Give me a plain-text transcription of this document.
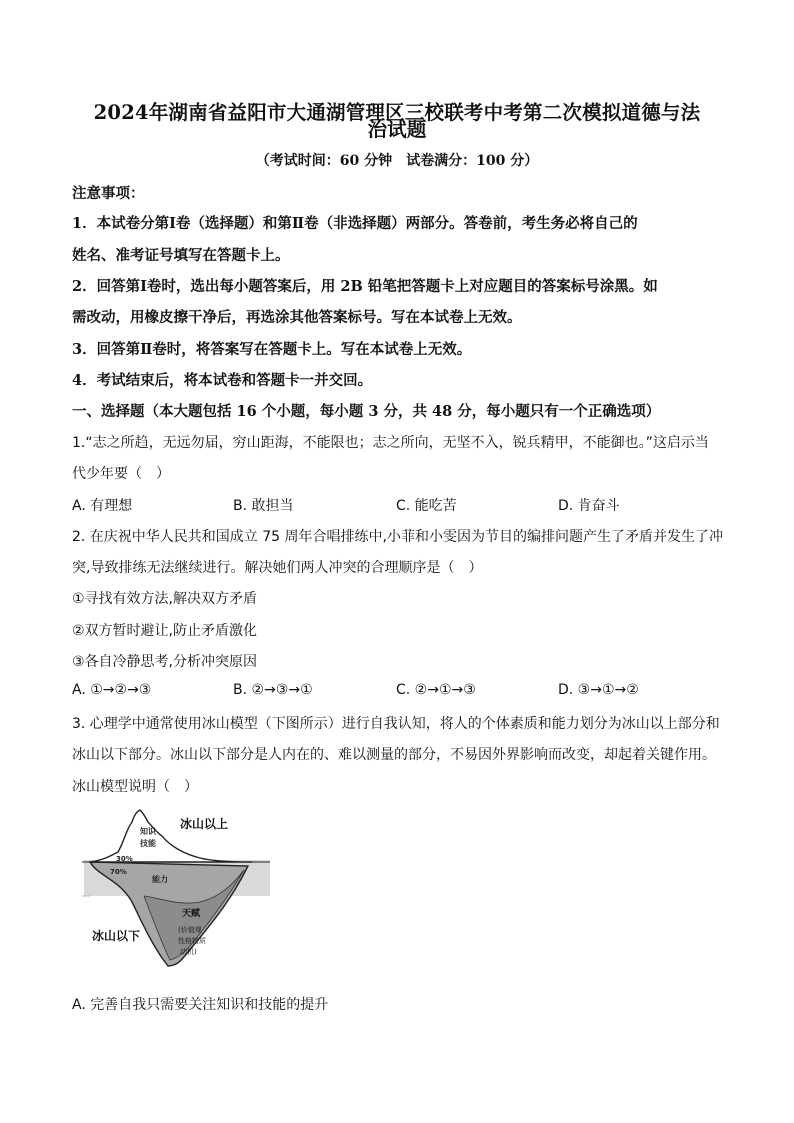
2024年湖南省益阳市大通湖管理区三校联考中考第二次模拟道德与法
治试题
（考试时间：60 分钟　试卷满分：100 分）
注意事项：
1．本试卷分第Ⅰ卷（选择题）和第Ⅱ卷（非选择题）两部分。答卷前，考生务必将自己的
姓名、准考证号填写在答题卡上。
2．回答第Ⅰ卷时，选出每小题答案后，用 2B 铅笔把答题卡上对应题目的答案标号涂黑。如
需改动，用橡皮擦干净后，再选涂其他答案标号。写在本试卷上无效。
3．回答第Ⅱ卷时，将答案写在答题卡上。写在本试卷上无效。
4．考试结束后，将本试卷和答题卡一并交回。
一、选择题（本大题包括 16 个小题，每小题 3 分，共 48 分，每小题只有一个正确选项）
1.“志之所趋，无远勿届，穷山距海，不能限也；志之所向，无坚不入，锐兵精甲，不能御也。”这启示当
代少年要（　）
A. 有理想	B. 敢担当	C. 能吃苦	D. 肯奋斗
2. 在庆祝中华人民共和国成立 75 周年合唱排练中,小菲和小雯因为节目的编排问题产生了矛盾并发生了冲
突,导致排练无法继续进行。解决她们两人冲突的合理顺序是（　）
①寻找有效方法,解决双方矛盾
②双方暂时避让,防止矛盾激化
③各自冷静思考,分析冲突原因
A. ①→②→③	B. ②→③→①	C. ②→①→③	D. ③→①→②
3. 心理学中通常使用冰山模型（下图所示）进行自我认知，将人的个体素质和能力划分为冰山以上部分和
冰山以下部分。冰山以下部分是人内在的、难以测量的部分，不易因外界影响而改变，却起着关键作用。
冰山模型说明（　）
知识
技能
30%
70%
能力
天赋
(价值观
性格特质
动机)
冰山以上
冰山以下
A. 完善自我只需要关注知识和技能的提升
